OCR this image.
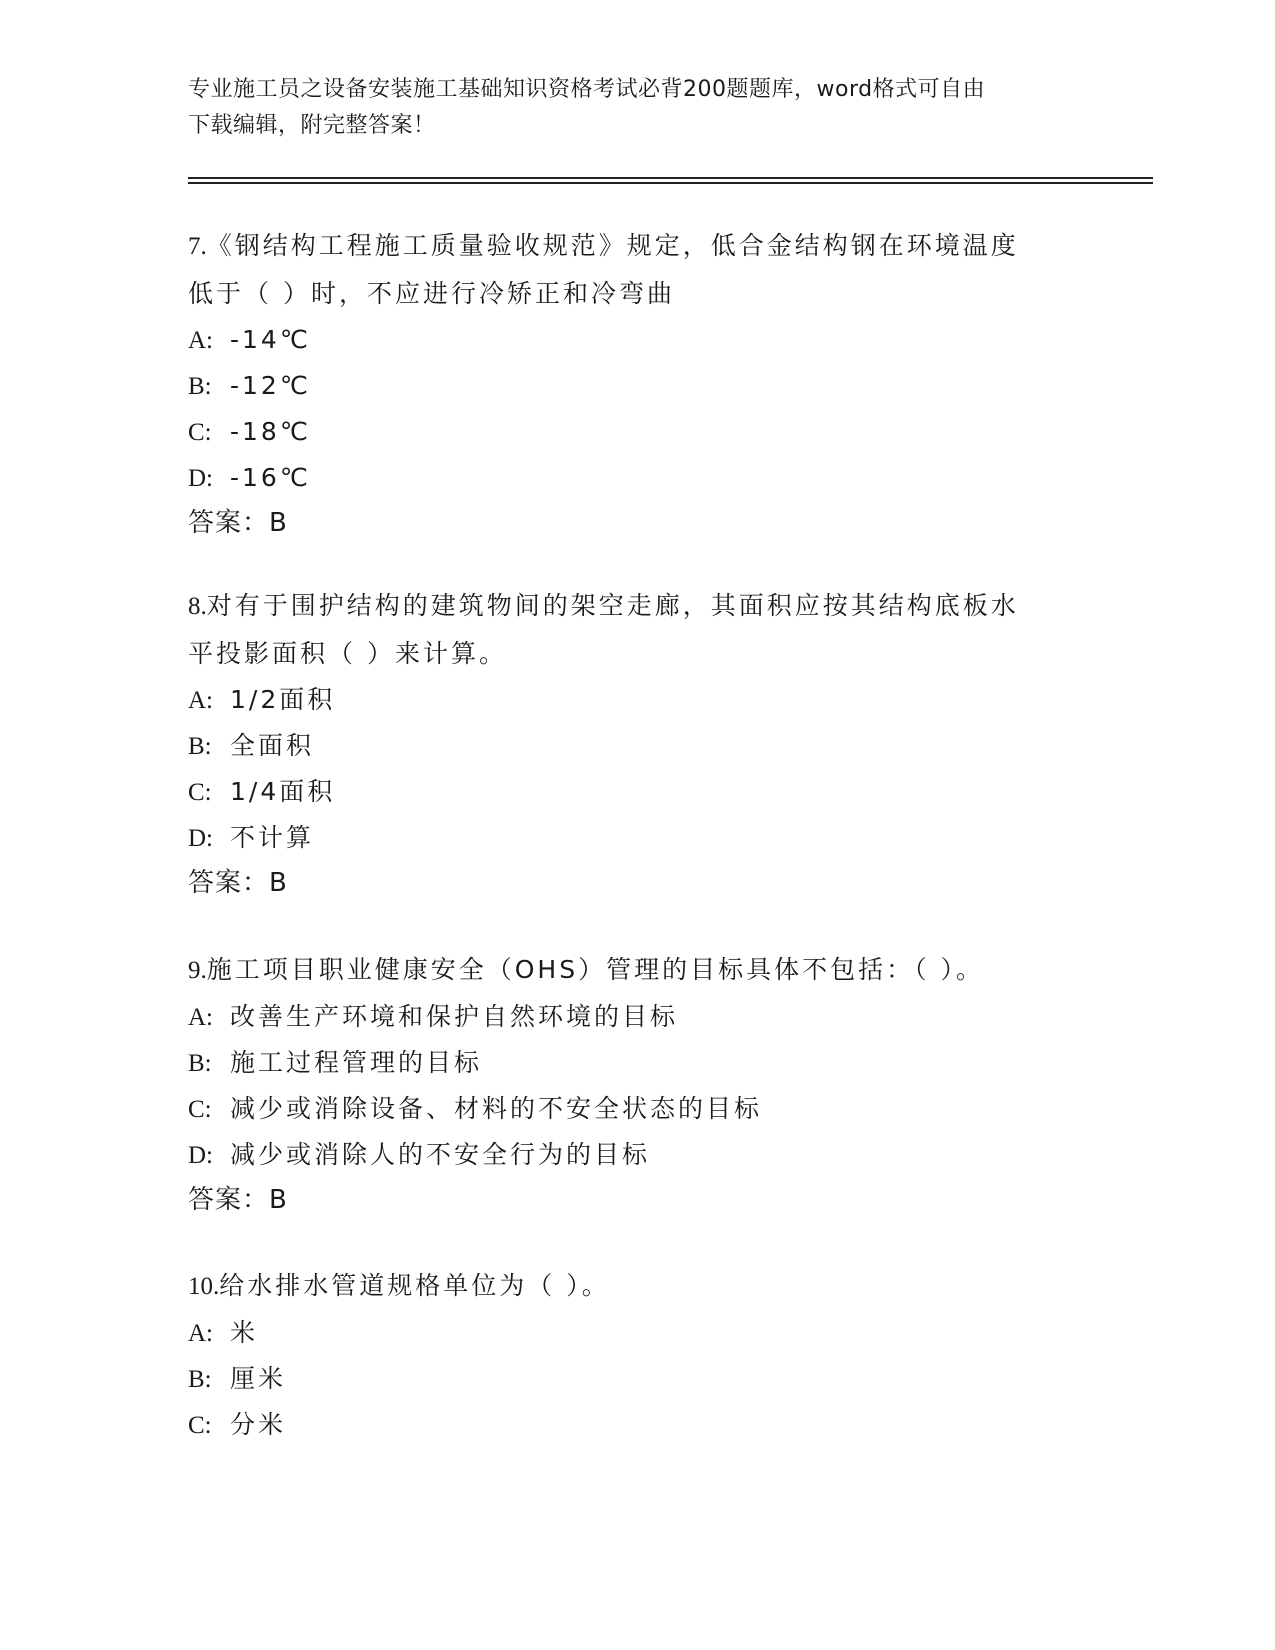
专业施工员之设备安装施工基础知识资格考试必背200题题库，word格式可自由
下载编辑，附完整答案！
7.《钢结构工程施工质量验收规范》规定，低合金结构钢在环境温度
低于（ ）时，不应进行冷矫正和冷弯曲
A: -14℃
B: -12℃
C: -18℃
D: -16℃
答案：B
8.对有于围护结构的建筑物间的架空走廊，其面积应按其结构底板水
平投影面积（ ）来计算。
A: 1/2面积
B: 全面积
C: 1/4面积
D: 不计算
答案：B
9.施工项目职业健康安全（OHS）管理的目标具体不包括：（ ）。
A: 改善生产环境和保护自然环境的目标
B: 施工过程管理的目标
C: 减少或消除设备、材料的不安全状态的目标
D: 减少或消除人的不安全行为的目标
答案：B
10.给水排水管道规格单位为（ ）。
A: 米
B: 厘米
C: 分米
